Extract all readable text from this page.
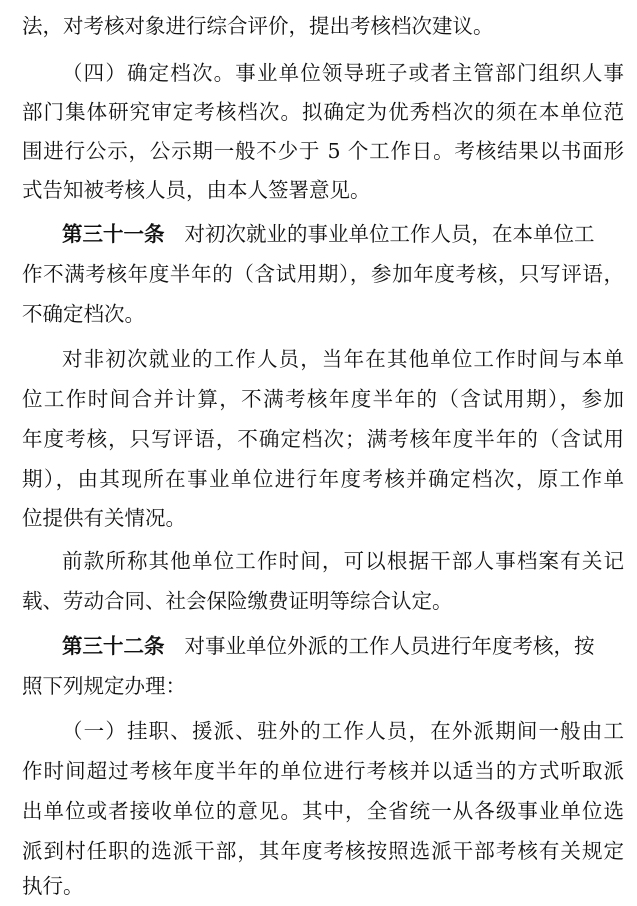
法，对考核对象进行综合评价，提出考核档次建议。
（四）确定档次。事业单位领导班子或者主管部门组织人事
部门集体研究审定考核档次。拟确定为优秀档次的须在本单位范
围进行公示，公示期一般不少于 5 个工作日。考核结果以书面形
式告知被考核人员，由本人签署意见。
第三十一条 对初次就业的事业单位工作人员，在本单位工
作不满考核年度半年的（含试用期），参加年度考核，只写评语，
不确定档次。
对非初次就业的工作人员，当年在其他单位工作时间与本单
位工作时间合并计算，不满考核年度半年的（含试用期），参加
年度考核，只写评语，不确定档次；满考核年度半年的（含试用
期），由其现所在事业单位进行年度考核并确定档次，原工作单
位提供有关情况。
前款所称其他单位工作时间，可以根据干部人事档案有关记
载、劳动合同、社会保险缴费证明等综合认定。
第三十二条 对事业单位外派的工作人员进行年度考核，按
照下列规定办理：
（一）挂职、援派、驻外的工作人员，在外派期间一般由工
作时间超过考核年度半年的单位进行考核并以适当的方式听取派
出单位或者接收单位的意见。其中，全省统一从各级事业单位选
派到村任职的选派干部，其年度考核按照选派干部考核有关规定
执行。
